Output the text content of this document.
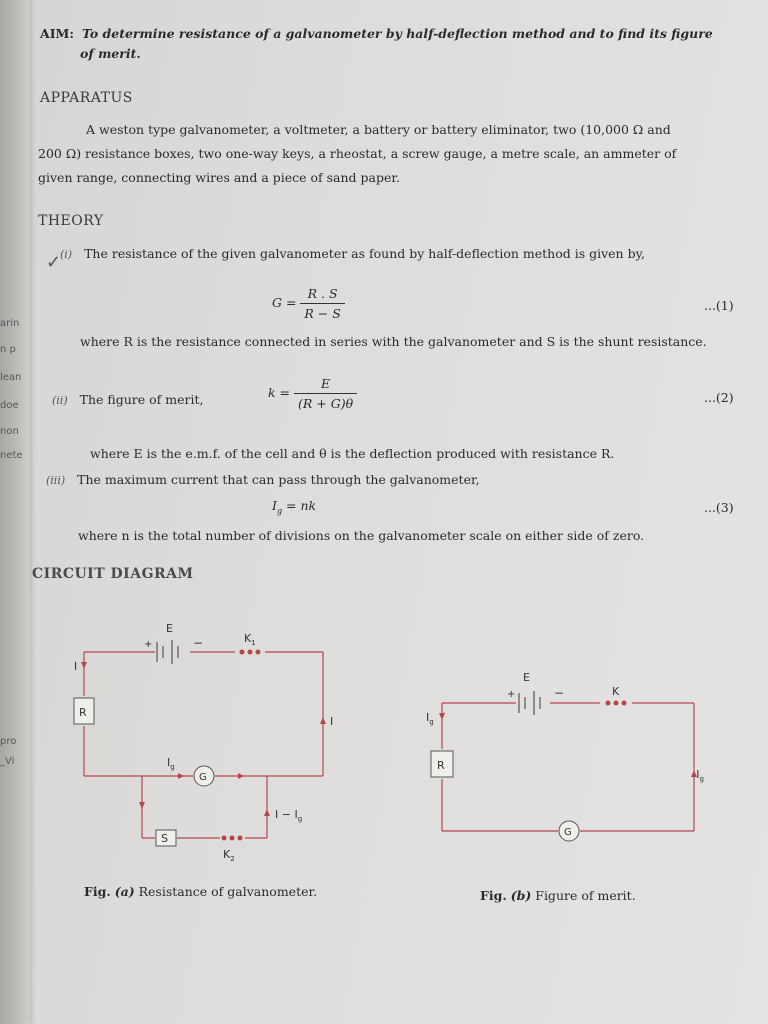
arin
n p
lean
doe
non
nete
pro
_Vi
AIM: To determine resistance of a galvanometer by half-deflection method and to find its figure
of merit.
APPARATUS
A weston type galvanometer, a voltmeter, a battery or battery eliminator, two (10,000 Ω and
200 Ω) resistance boxes, two one-way keys, a rheostat, a screw gauge, a metre scale, an ammeter of
given range, connecting wires and a piece of sand paper.
THEORY
✓
(i) The resistance of the given galvanometer as found by half-deflection method is given by,
$G = \frac{R . S}{R - S}$	...(1)
where R is the resistance connected in series with the galvanometer and S is the shunt resistance.
(ii) The figure of merit,	$k = \frac{E}{(R + G)\theta}$	...(2)
where E is the e.m.f. of the cell and θ is the deflection produced with resistance R.
(iii) The maximum current that can pass through the galvanometer,
$I_g$ = nk	...(3)
where n is the total number of divisions on the galvanometer scale on either side of zero.
CIRCUIT DIAGRAM
+	−
E
$K_1$
I
I
R
G
$I_g$
S
$K_2$
$I - I_g$
+	−
E
K
$I_g$
$I_g$
R
G
Fig. (a) Resistance of galvanometer.	Fig. (b) Figure of merit.
